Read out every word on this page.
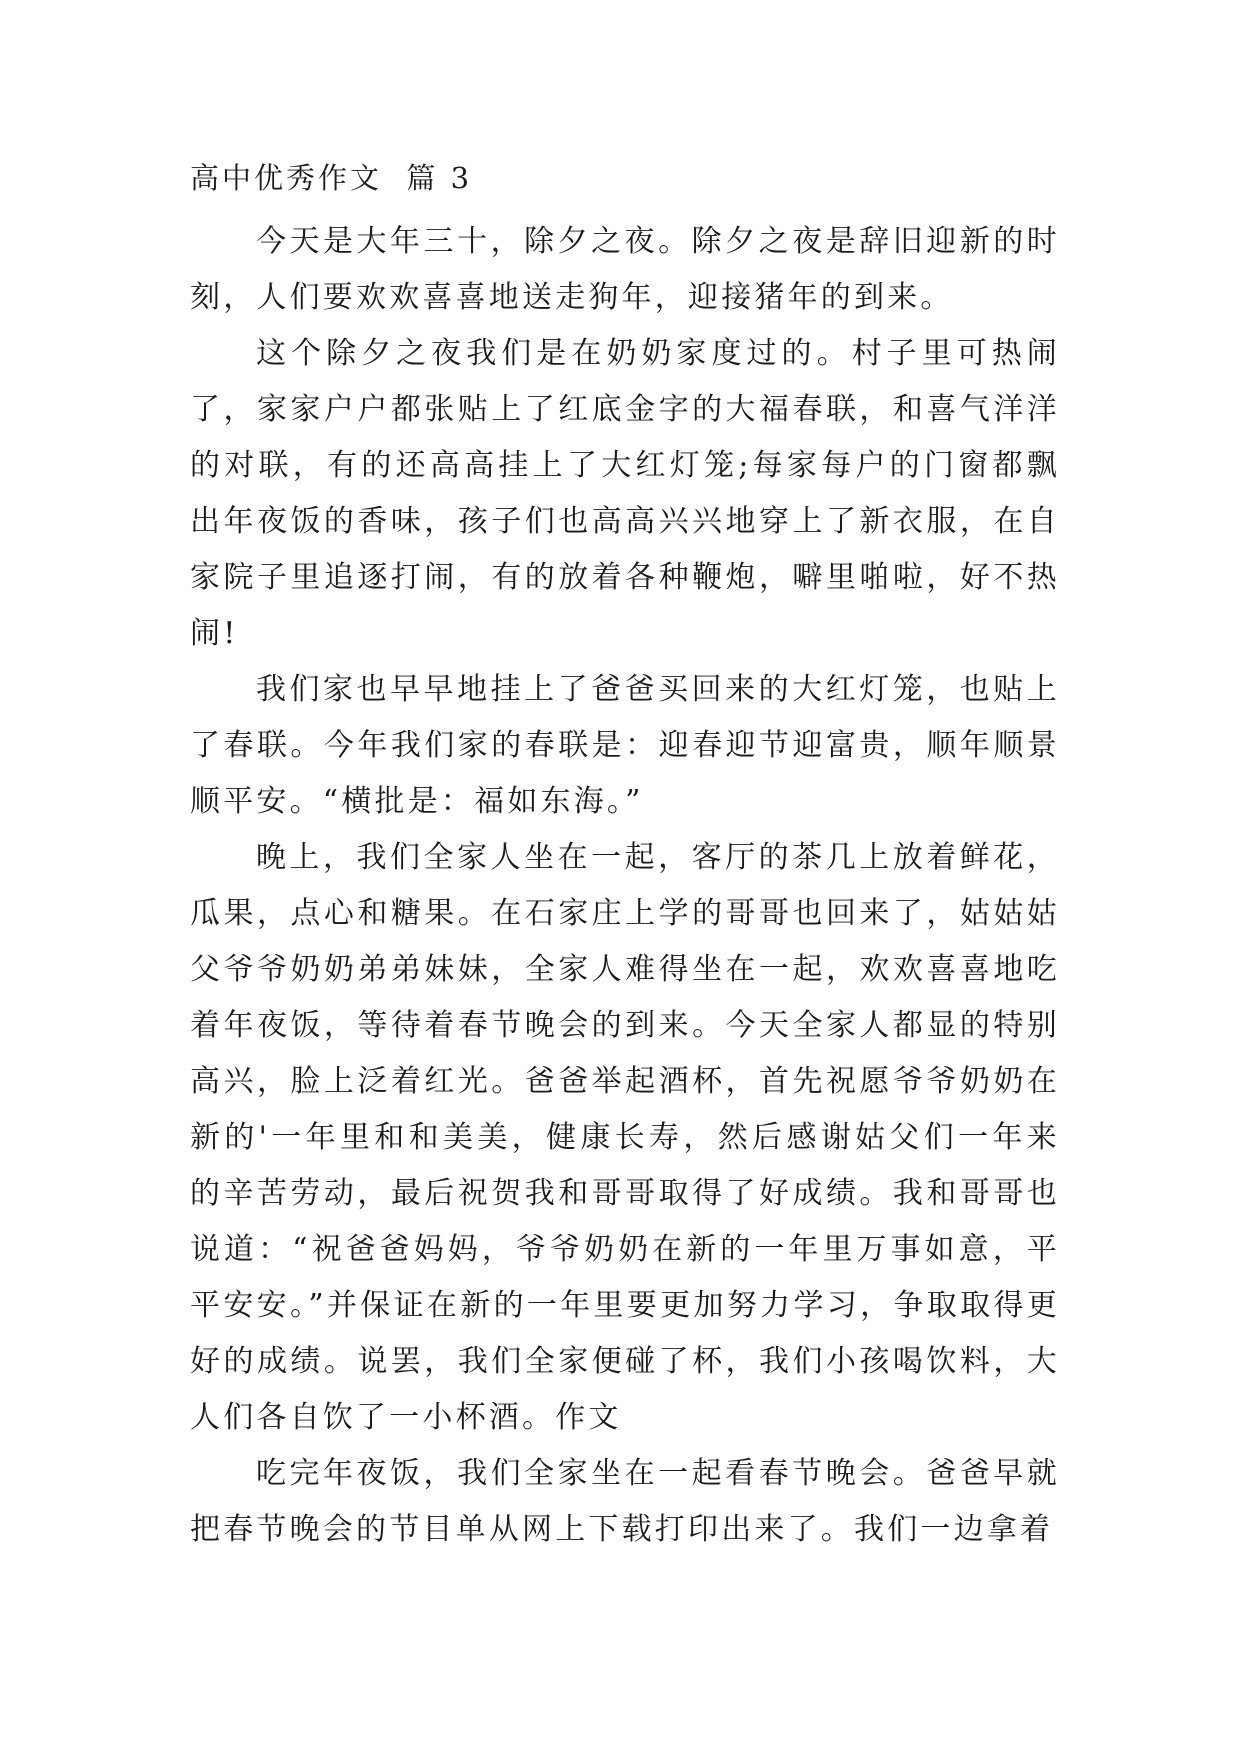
高中优秀作文  篇 3

今天是大年三十，除夕之夜。除夕之夜是辞旧迎新的时刻，人们要欢欢喜喜地送走狗年，迎接猪年的到来。

这个除夕之夜我们是在奶奶家度过的。村子里可热闹了，家家户户都张贴上了红底金字的大福春联，和喜气洋洋的对联，有的还高高挂上了大红灯笼;每家每户的门窗都飘出年夜饭的香味，孩子们也高高兴兴地穿上了新衣服，在自家院子里追逐打闹，有的放着各种鞭炮，噼里啪啦，好不热闹!

我们家也早早地挂上了爸爸买回来的大红灯笼，也贴上了春联。今年我们家的春联是：迎春迎节迎富贵，顺年顺景顺平安。“横批是：福如东海。”

晚上，我们全家人坐在一起，客厅的茶几上放着鲜花，瓜果，点心和糖果。在石家庄上学的哥哥也回来了，姑姑姑父爷爷奶奶弟弟妹妹，全家人难得坐在一起，欢欢喜喜地吃着年夜饭，等待着春节晚会的到来。今天全家人都显的特别高兴，脸上泛着红光。爸爸举起酒杯，首先祝愿爷爷奶奶在新的'一年里和和美美，健康长寿，然后感谢姑父们一年来的辛苦劳动，最后祝贺我和哥哥取得了好成绩。我和哥哥也说道：“祝爸爸妈妈，爷爷奶奶在新的一年里万事如意，平平安安。”并保证在新的一年里要更加努力学习，争取取得更好的成绩。说罢，我们全家便碰了杯，我们小孩喝饮料，大人们各自饮了一小杯酒。作文

吃完年夜饭，我们全家坐在一起看春节晚会。爸爸早就把春节晚会的节目单从网上下载打印出来了。我们一边拿着
